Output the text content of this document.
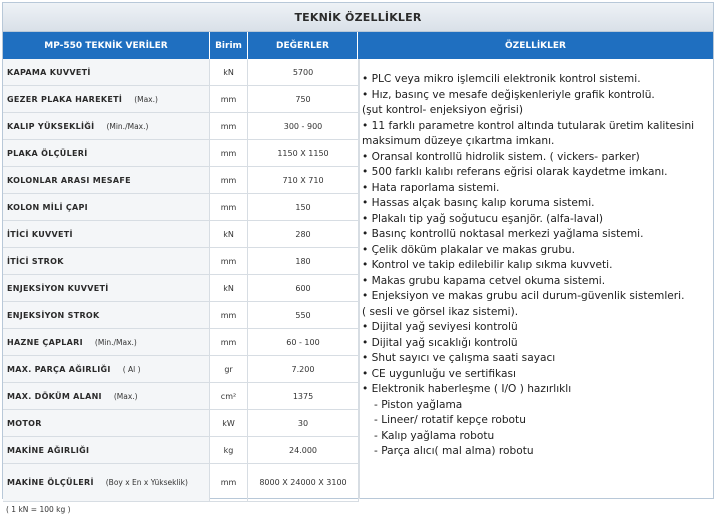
TEKNİK ÖZELLİKLER
MP-550 TEKNİK VERİLER	Birim	DEĞERLER	ÖZELLİKLER
KAPAMA KUVVETİ	kN	5700
GEZER PLAKA HAREKETİ (Max.)	mm	750
KALIP YÜKSEKLİĞİ (Min./Max.)	mm	300 - 900
PLAKA ÖLÇÜLERİ	mm	1150 X 1150
KOLONLAR ARASI MESAFE	mm	710 X 710
KOLON MİLİ ÇAPI	mm	150
İTİCİ KUVVETİ	kN	280
İTİCİ STROK	mm	180
ENJEKSİYON KUVVETİ	kN	600
ENJEKSİYON STROK	mm	550
HAZNE ÇAPLARI (Min./Max.)	mm	60 - 100
MAX. PARÇA AĞIRLIĞI ( Al )	gr	7.200
MAX. DÖKÜM ALANI (Max.)	cm²	1375
MOTOR	kW	30
MAKİNE AĞIRLIĞI	kg	24.000
MAKİNE ÖLÇÜLERİ (Boy x En x Yükseklik)	mm	8000 X 24000 X 3100
• PLC veya mikro işlemcili elektronik kontrol sistemi.
• Hız, basınç ve mesafe değişkenleriyle grafik kontrolü.
(şut kontrol- enjeksiyon eğrisi)
• 11 farklı parametre kontrol altında tutularak üretim kalitesini
maksimum düzeye çıkartma imkanı.
• Oransal kontrollü hidrolik sistem. ( vickers- parker)
• 500 farklı kalıbı referans eğrisi olarak kaydetme imkanı.
• Hata raporlama sistemi.
• Hassas alçak basınç kalıp koruma sistemi.
• Plakalı tip yağ soğutucu eşanjör. (alfa-laval)
• Basınç kontrollü noktasal merkezi yağlama sistemi.
• Çelik döküm plakalar ve makas grubu.
• Kontrol ve takip edilebilir kalıp sıkma kuvveti.
• Makas grubu kapama cetvel okuma sistemi.
• Enjeksiyon ve makas grubu acil durum-güvenlik sistemleri.
( sesli ve görsel ikaz sistemi).
• Dijital yağ seviyesi kontrolü
• Dijital yağ sıcaklığı kontrolü
• Shut sayıcı ve çalışma saati sayacı
• CE uygunluğu ve sertifikası
• Elektronik haberleşme ( I/O ) hazırlıklı
- Piston yağlama
- Lineer/ rotatif kepçe robotu
- Kalıp yağlama robotu
- Parça alıcı( mal alma) robotu
( 1 kN = 100 kg )
